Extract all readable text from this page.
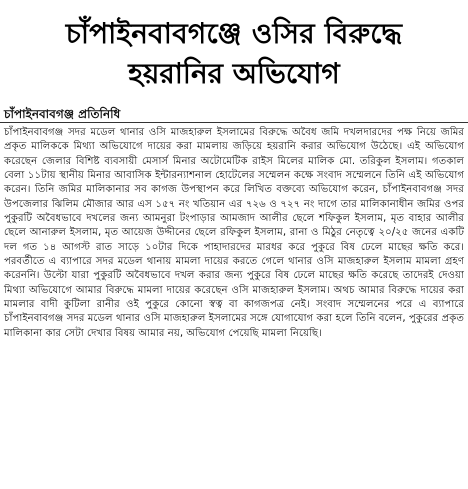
চাঁপাইনবাবগঞ্জে ওসির বিরুদ্ধে
হয়রানির অভিযোগ
চাঁপাইনবাবগঞ্জ প্রতিনিধি

চাঁপাইনবাবগঞ্জ সদর মডেল থানার ওসি মাজহারুল ইসলামের বিরুদ্ধে অবৈধ জমি দখলদারদের পক্ষ নিয়ে জমির প্রকৃত মালিককে মিথ্যা অভিযোগে দায়ের করা মামলায় জড়িয়ে হয়রানি করার অভিযোগ উঠেছে। এই অভিযোগ করেছেন জেলার বিশিষ্ট ব্যবসায়ী মেসার্স মিনার অটোমেটিক রাইস মিলের মালিক মো. তরিকুল ইসলাম। গতকাল বেলা ১১টায় স্থানীয় মিনার আবাসিক ইন্টারন্যাশনাল হোটেলের সম্মেলন কক্ষে সংবাদ সম্মেলনে তিনি এই অভিযোগ করেন। তিনি জমির মালিকানার সব কাগজ উপস্থাপন করে লিখিত বক্তব্যে অভিযোগ করেন, চাঁপাইনবাবগঞ্জ সদর উপজেলার ঝিলিম মৌজার আর এস ১৫৭ নং খতিয়ান এর ৭২৬ ও ৭২৭ নং দাগে তার মালিকানাধীন জমির ওপর পুকুরটি অবৈধভাবে দখলের জন্য আমনুরা টংপাড়ার আমজাদ আলীর ছেলে শফিকুল ইসলাম, মৃত বাহার আলীর ছেলে আনারুল ইসলাম, মৃত আয়েজ উদ্দীনের ছেলে রফিকুল ইসলাম, রানা ও মিঠুর নেতৃত্বে ২০/২৫ জনের একটি দল গত ১৪ আগস্ট রাত সাড়ে ১০টার দিকে পাহাদারদের মারধর করে পুকুরে বিষ ঢেলে মাছের ক্ষতি করে। পরবর্তীতে এ ব্যাপারে সদর মডেল থানায় মামলা দায়ের করতে গেলে থানার ওসি মাজহারুল ইসলাম মামলা গ্রহণ করেননি। উল্টো যারা পুকুরটি অবৈধভাবে দখল করার জন্য পুকুরে বিষ ঢেলে মাছের ক্ষতি করেছে তাদেরই দেওয়া মিথ্যা অভিযোগে আমার বিরুদ্ধে মামলা দায়ের করেছেন ওসি মাজহারুল ইসলাম। অথচ আমার বিরুদ্ধে দায়ের করা মামলার বাদী কুটিলা রানীর ওই পুকুরে কোনো স্বত্ব বা কাগজপত্র নেই। সংবাদ সম্মেলনের পরে এ ব্যাপারে চাঁপাইনবাবগঞ্জ সদর মডেল থানার ওসি মাজহারুল ইসলামের সঙ্গে যোগাযোগ করা হলে তিনি বলেন, পুকুরের প্রকৃত মালিকানা কার সেটা দেখার বিষয় আমার নয়, অভিযোগ পেয়েছি মামলা নিয়েছি।
